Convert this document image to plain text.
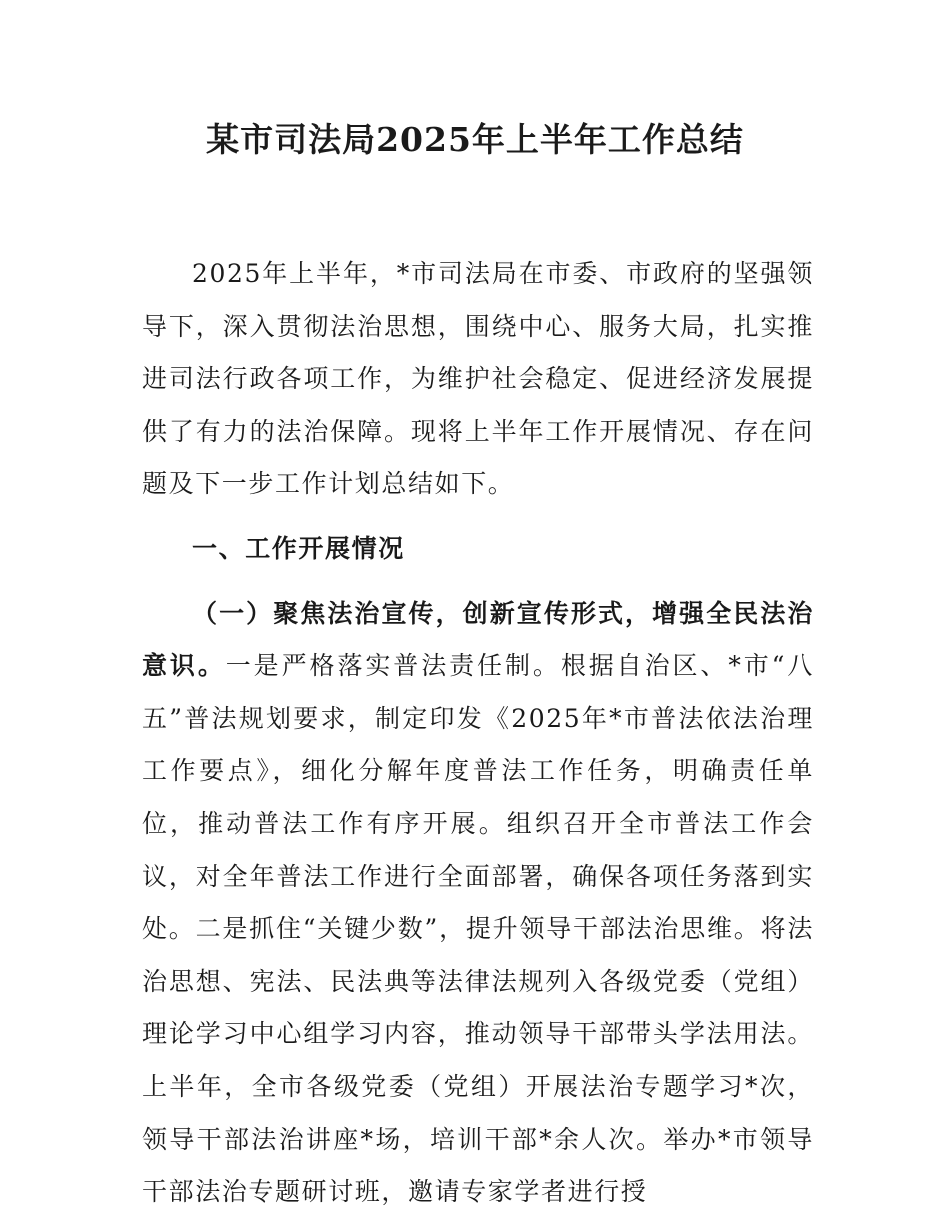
某市司法局2025年上半年工作总结

2025年上半年，*市司法局在市委、市政府的坚强领导下，深入贯彻法治思想，围绕中心、服务大局，扎实推进司法行政各项工作，为维护社会稳定、促进经济发展提供了有力的法治保障。现将上半年工作开展情况、存在问题及下一步工作计划总结如下。

一、工作开展情况

（一）聚焦法治宣传，创新宣传形式，增强全民法治意识。一是严格落实普法责任制。根据自治区、*市“八五”普法规划要求，制定印发《2025年*市普法依法治理工作要点》，细化分解年度普法工作任务，明确责任单位，推动普法工作有序开展。组织召开全市普法工作会议，对全年普法工作进行全面部署，确保各项任务落到实处。二是抓住“关键少数”，提升领导干部法治思维。将法治思想、宪法、民法典等法律法规列入各级党委（党组）理论学习中心组学习内容，推动领导干部带头学法用法。上半年，全市各级党委（党组）开展法治专题学习*次，领导干部法治讲座*场，培训干部*余人次。举办*市领导干部法治专题研讨班，邀请专家学者进行授
